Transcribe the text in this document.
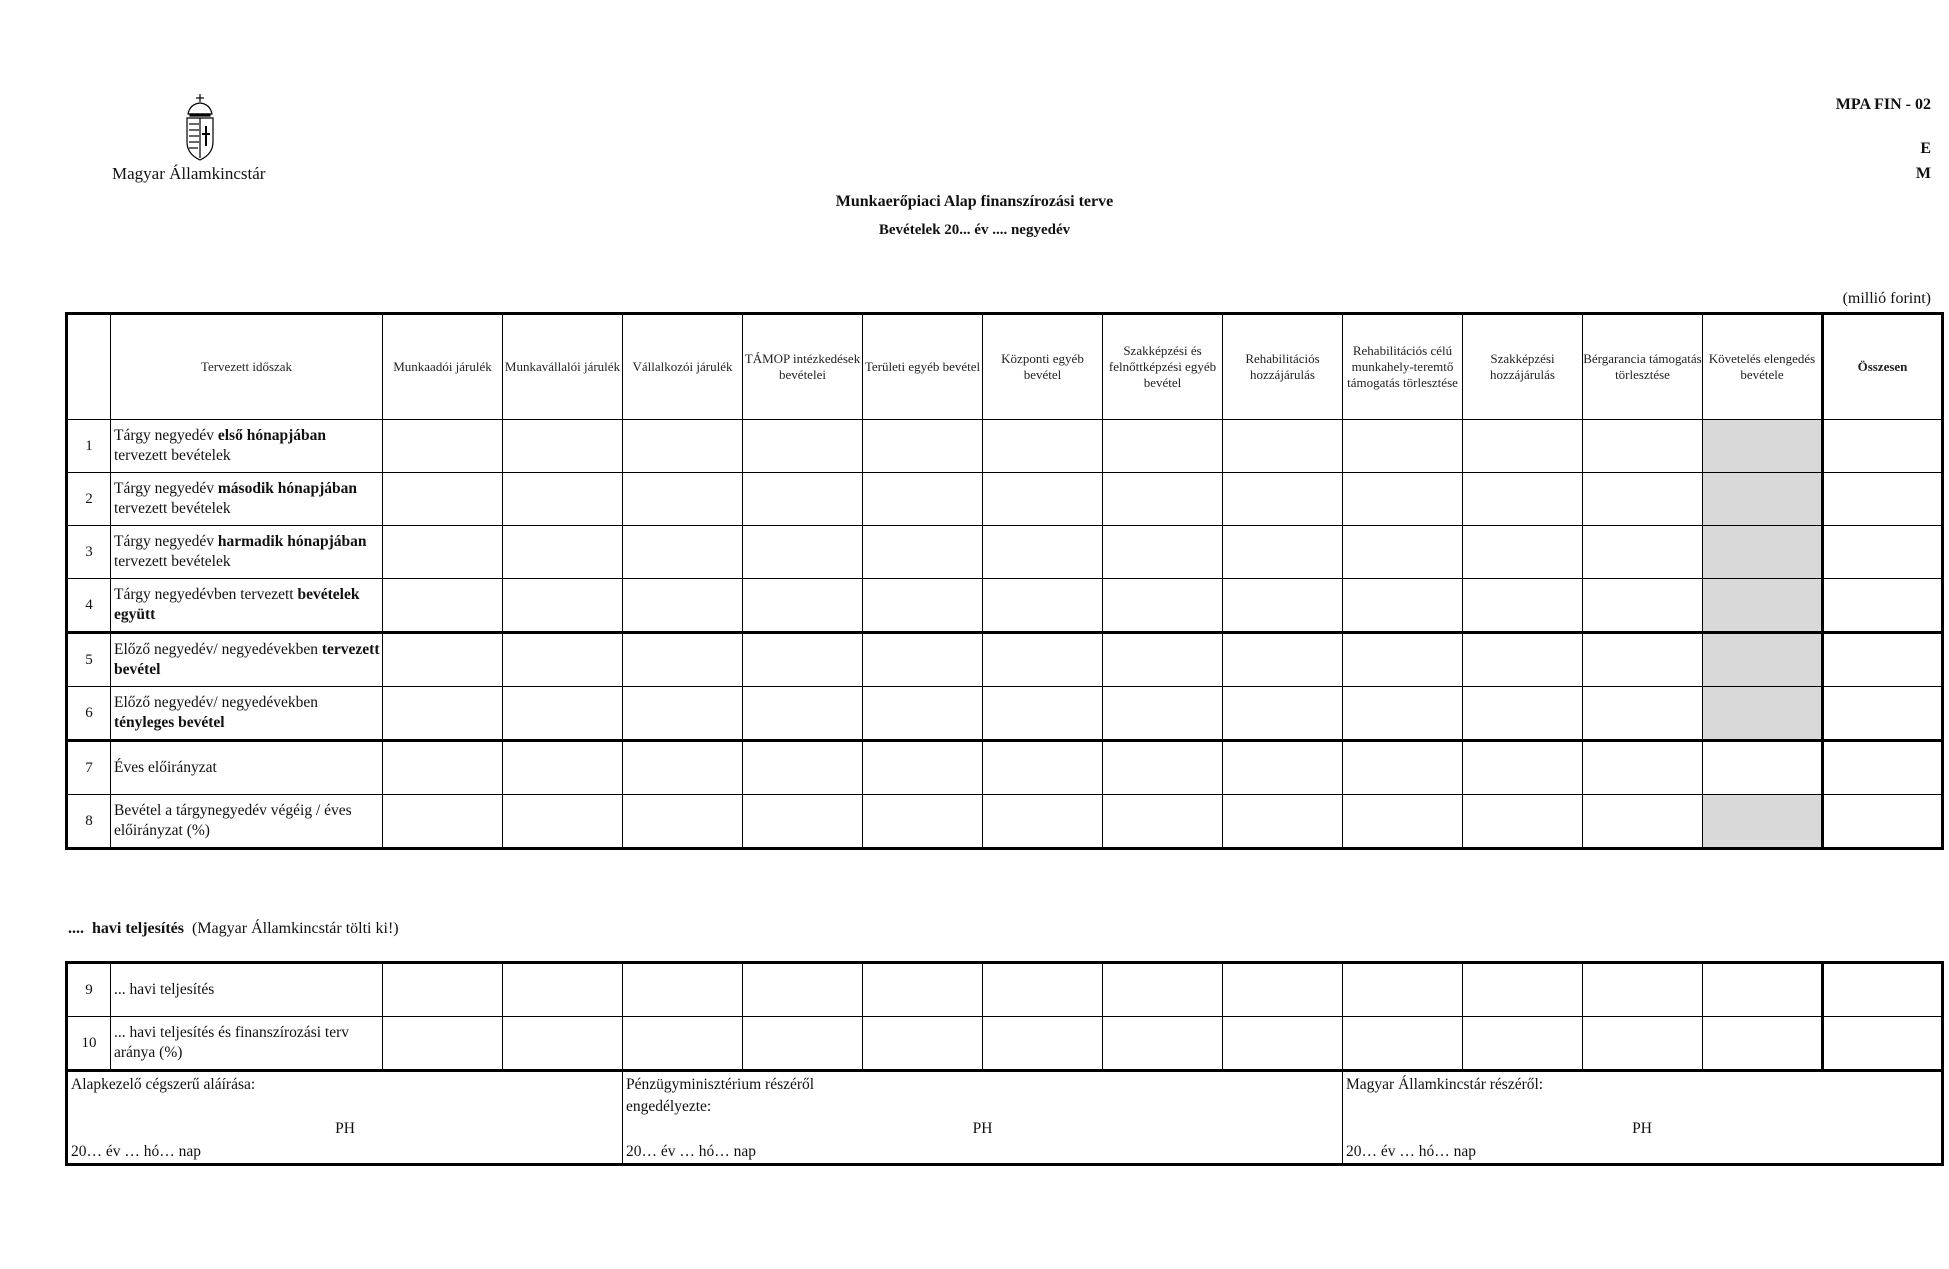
Magyar Államkincstár
MPA FIN - 02
E
M
Munkaerőpiaci Alap finanszírozási terve
Bevételek 20... év .... negyedév
(millió forint)
	Tervezett időszak	Munkaadói járulék	Munkavállalói járulék	Vállalkozói járulék	TÁMOP intézkedések bevételei	Területi egyéb bevétel	Központi egyéb bevétel	Szakképzési és felnőttképzési egyéb bevétel	Rehabilitációs hozzájárulás	Rehabilitációs célú munkahely-teremtő támogatás törlesztése	Szakképzési hozzájárulás	Bérgarancia támogatás törlesztése	Követelés elengedés bevétele	Összesen
1	Tárgy negyedév első hónapjában tervezett bevételek													
2	Tárgy negyedév második hónapjában tervezett bevételek													
3	Tárgy negyedév harmadik hónapjában tervezett bevételek													
4	Tárgy negyedévben tervezett bevételek együtt													
5	Előző negyedév/ negyedévekben tervezett bevétel													
6	Előző negyedév/ negyedévekben tényleges bevétel													
7	Éves előirányzat													
8	Bevétel a tárgynegyedév végéig / éves előirányzat (%)													
.... havi teljesítés (Magyar Államkincstár tölti ki!)
9	... havi teljesítés													
10	... havi teljesítés és finanszírozási terv aránya (%)													
Alapkezelő cégszerű aláírása:
PH
20… év … hó… nap

Pénzügyminisztérium részéről engedélyezte:
PH
20… év … hó… nap

Magyar Államkincstár részéről:
PH
20… év … hó… nap
